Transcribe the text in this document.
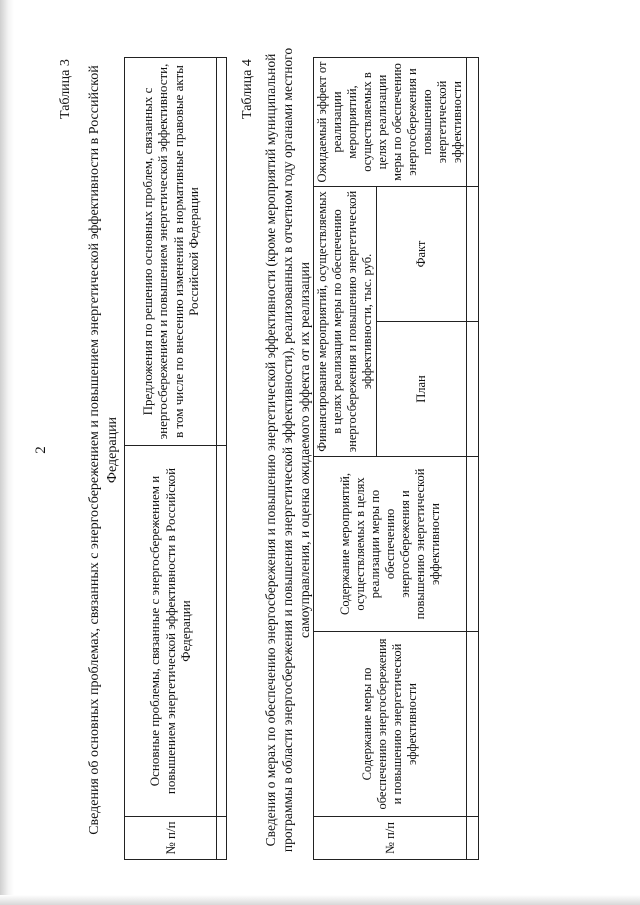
2
Таблица 3 Сведения об основных проблемах, связанных с энергосбережением и повышением энергетической эффективности в Российской Федерации
№ п/п	Основные проблемы, связанные с энергосбережением и повышением энергетической эффективности в Российской Федерации	Предложения по решению основных проблем, связанных с энергосбережением и повышением энергетической эффективности, в том числе по внесению изменений в нормативные правовые акты Российской Федерации

Таблица 4 Сведения о мерах по обеспечению энергосбережения и повышению энергетической эффективности (кроме мероприятий муниципальной программы в области энергосбережения и повышения энергетической эффективности), реализованных в отчетном году органами местного самоуправления, и оценка ожидаемого эффекта от их реализации
№ п/п	Содержание меры по обеспечению энергосбережения и повышению энергетической эффективности	Содержание мероприятий, осуществляемых в целях реализации меры по обеспечению энергосбережения и повышению энергетической эффективности	Финансирование мероприятий, осуществляемых в целях реализации меры по обеспечению энергосбережения и повышению энергетической эффективности, тыс. руб.		Ожидаемый эффект от реализации мероприятий, осуществляемых в целях реализации меры по обеспечению энергосбережения и повышению энергетической эффективности
			План	Факт	
